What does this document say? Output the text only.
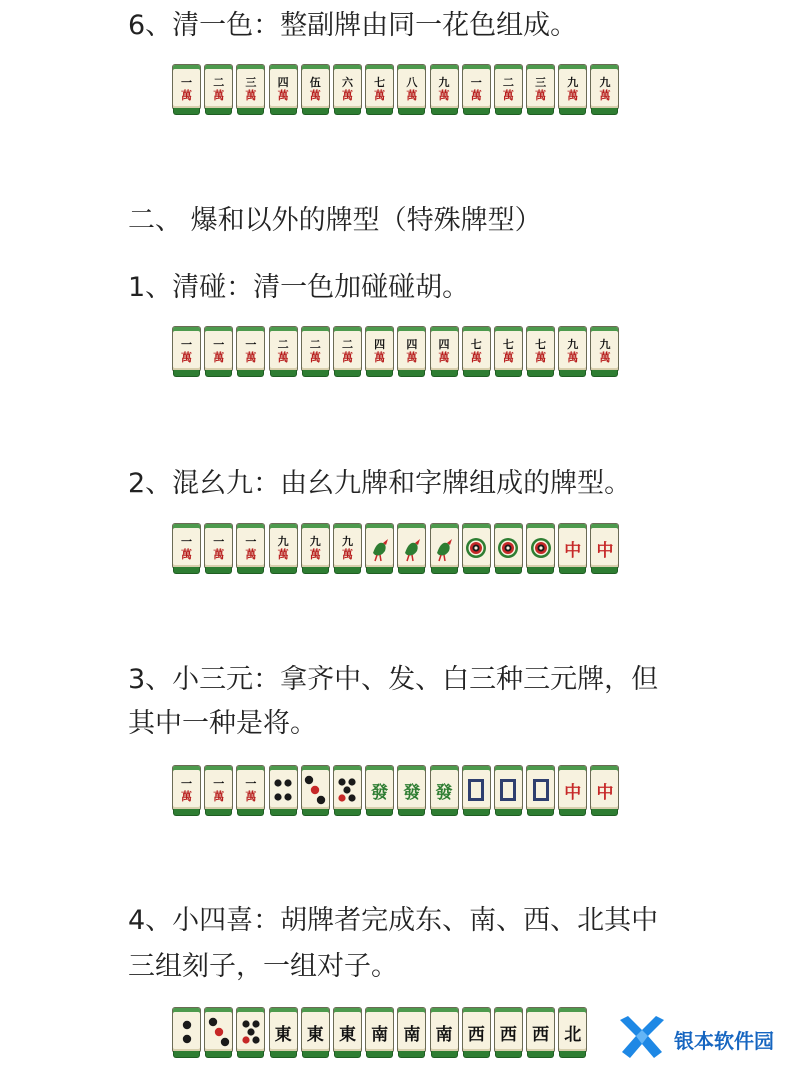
6、清一色：整副牌由同一花色组成。
一
萬
二
萬
三
萬
四
萬
伍
萬
六
萬
七
萬
八
萬
九
萬
一
萬
二
萬
三
萬
九
萬
九
萬
二、 爆和以外的牌型（特殊牌型）
1、清碰：清一色加碰碰胡。
一
萬
一
萬
一
萬
二
萬
二
萬
二
萬
四
萬
四
萬
四
萬
七
萬
七
萬
七
萬
九
萬
九
萬
2、混幺九：由幺九牌和字牌组成的牌型。
一
萬
一
萬
一
萬
九
萬
九
萬
九
萬	中 中
3、小三元：拿齐中、发、白三种三元牌，但
其中一种是将。
一
萬
一
萬
一
萬	發 發 發	中 中
4、小四喜：胡牌者完成东、南、西、北其中
三组刻子，一组对子。
東 東 東 南 南 南 西 西 西 北	银本软件园
